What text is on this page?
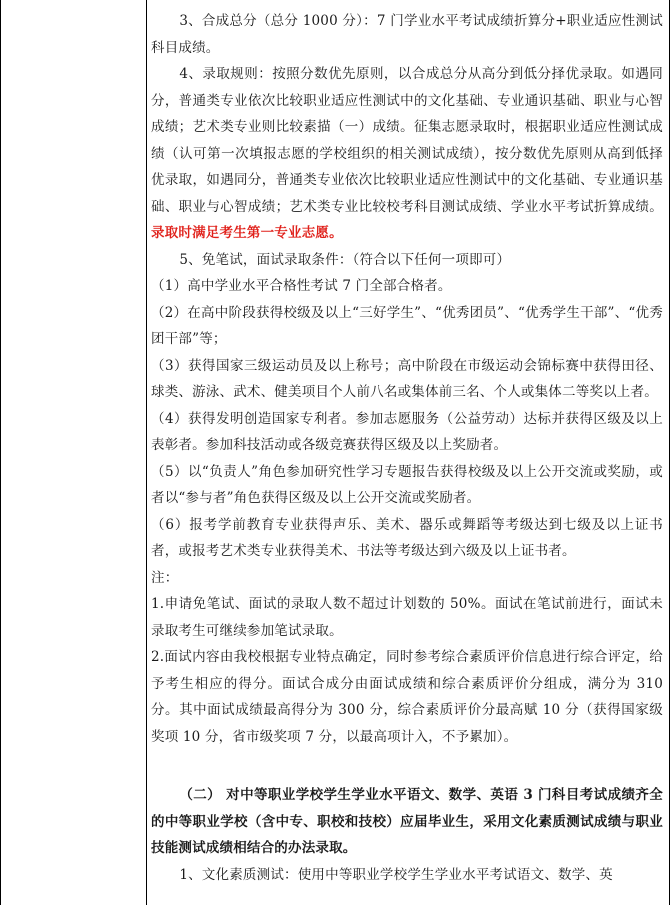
3、合成总分（总分 1000 分）：7 门学业水平考试成绩折算分+职业适应性测试科目成绩。

4、录取规则：按照分数优先原则，以合成总分从高分到低分择优录取。如遇同分，普通类专业依次比较职业适应性测试中的文化基础、专业通识基础、职业与心智成绩；艺术类专业则比较素描（一）成绩。征集志愿录取时，根据职业适应性测试成绩（认可第一次填报志愿的学校组织的相关测试成绩），按分数优先原则从高到低择优录取，如遇同分，普通类专业依次比较职业适应性测试中的文化基础、专业通识基础、职业与心智成绩；艺术类专业比较校考科目测试成绩、学业水平考试折算成绩。录取时满足考生第一专业志愿。

5、免笔试，面试录取条件：（符合以下任何一项即可）

（1）高中学业水平合格性考试 7 门全部合格者。

（2）在高中阶段获得校级及以上“三好学生”、“优秀团员”、“优秀学生干部”、“优秀团干部”等；

（3）获得国家三级运动员及以上称号；高中阶段在市级运动会锦标赛中获得田径、球类、游泳、武术、健美项目个人前八名或集体前三名、个人或集体二等奖以上者。

（4）获得发明创造国家专利者。参加志愿服务（公益劳动）达标并获得区级及以上表彰者。参加科技活动或各级竞赛获得区级及以上奖励者。

（5）以“负责人”角色参加研究性学习专题报告获得校级及以上公开交流或奖励，或者以“参与者”角色获得区级及以上公开交流或奖励者。

（6）报考学前教育专业获得声乐、美术、器乐或舞蹈等考级达到七级及以上证书者，或报考艺术类专业获得美术、书法等考级达到六级及以上证书者。

注：

1.申请免笔试、面试的录取人数不超过计划数的 50%。面试在笔试前进行，面试未录取考生可继续参加笔试录取。

2.面试内容由我校根据专业特点确定，同时参考综合素质评价信息进行综合评定，给予考生相应的得分。面试合成分由面试成绩和综合素质评价分组成，满分为 310 分。其中面试成绩最高得分为 300 分，综合素质评价分最高赋 10 分（获得国家级奖项 10 分，省市级奖项 7 分，以最高项计入，不予累加）。

（二） 对中等职业学校学生学业水平语文、数学、英语 3 门科目考试成绩齐全的中等职业学校（含中专、职校和技校）应届毕业生，采用文化素质测试成绩与职业技能测试成绩相结合的办法录取。

1、文化素质测试：使用中等职业学校学生学业水平考试语文、数学、英
